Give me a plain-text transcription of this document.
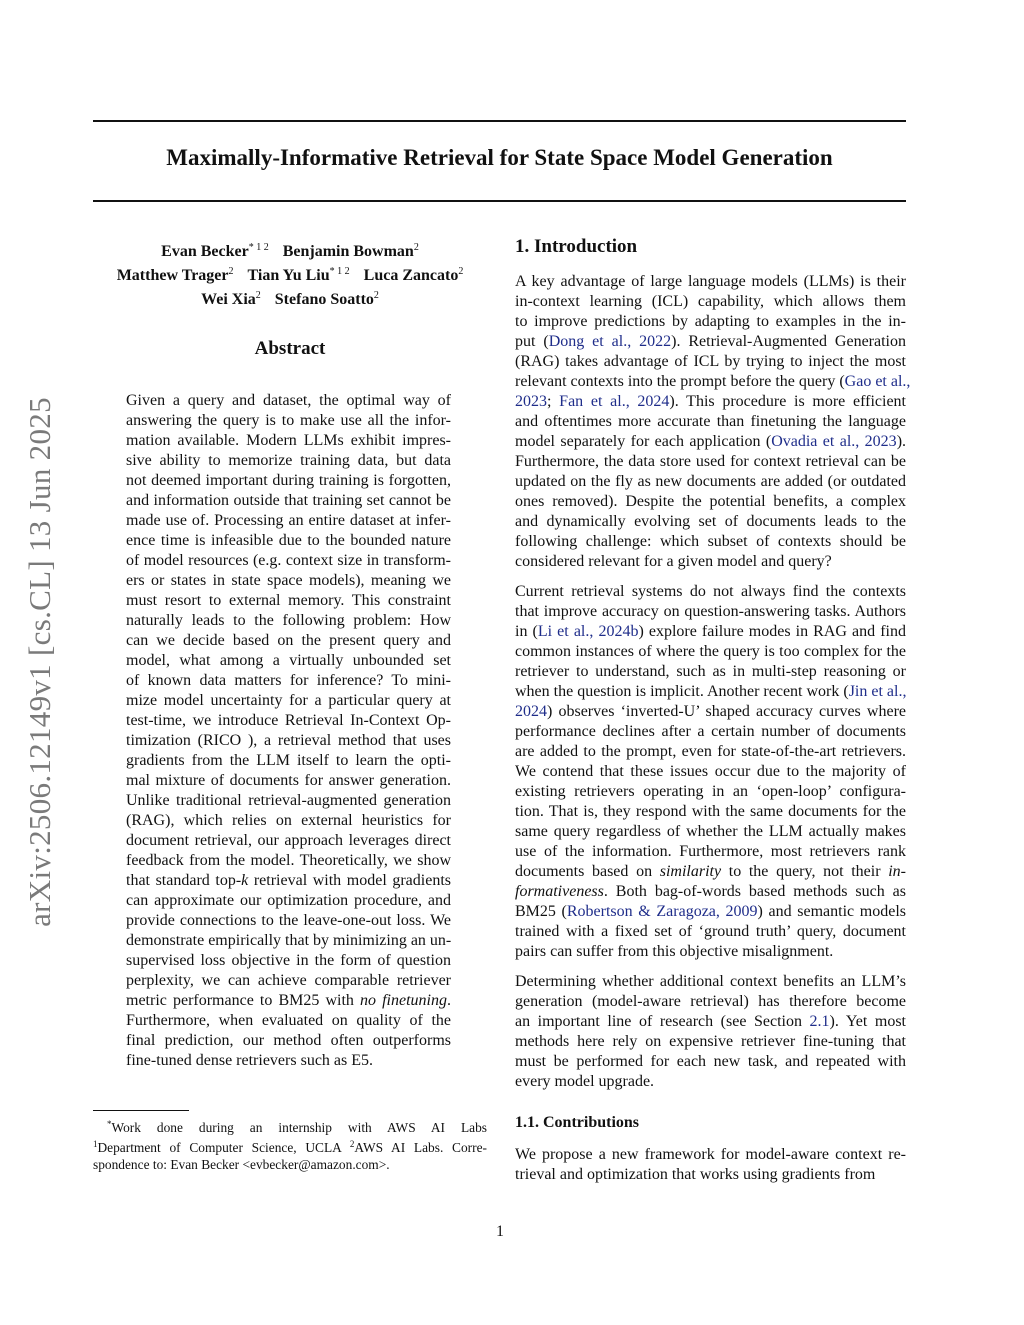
arXiv:2506.12149v1 [cs.CL] 13 Jun 2025
Maximally-Informative Retrieval for State Space Model Generation
Evan Becker$^{* 1 2}$ Benjamin Bowman$^2$
Matthew Trager$^2$ Tian Yu Liu$^{* 1 2}$ Luca Zancato$^2$
Wei Xia$^2$ Stefano Soatto$^2$
Abstract
Given a query and dataset, the optimal way of
answering the query is to make use all the infor-
mation available. Modern LLMs exhibit impres-
sive ability to memorize training data, but data
not deemed important during training is forgotten,
and information outside that training set cannot be
made use of. Processing an entire dataset at infer-
ence time is infeasible due to the bounded nature
of model resources (e.g. context size in transform-
ers or states in state space models), meaning we
must resort to external memory. This constraint
naturally leads to the following problem: How
can we decide based on the present query and
model, what among a virtually unbounded set
of known data matters for inference? To mini-
mize model uncertainty for a particular query at
test-time, we introduce Retrieval In-Context Op-
timization (RICO ), a retrieval method that uses
gradients from the LLM itself to learn the opti-
mal mixture of documents for answer generation.
Unlike traditional retrieval-augmented generation
(RAG), which relies on external heuristics for
document retrieval, our approach leverages direct
feedback from the model. Theoretically, we show
that standard top-k retrieval with model gradients
can approximate our optimization procedure, and
provide connections to the leave-one-out loss. We
demonstrate empirically that by minimizing an un-
supervised loss objective in the form of question
perplexity, we can achieve comparable retriever
metric performance to BM25 with no finetuning.
Furthermore, when evaluated on quality of the
final prediction, our method often outperforms
fine-tuned dense retrievers such as E5.
*Work done during an internship with AWS AI Labs
$^1$Department of Computer Science, UCLA $^2$AWS AI Labs. Corre-
spondence to: Evan Becker <evbecker@amazon.com>.
1. Introduction
A key advantage of large language models (LLMs) is their
in-context learning (ICL) capability, which allows them
to improve predictions by adapting to examples in the in-
put (Dong et al., 2022). Retrieval-Augmented Generation
(RAG) takes advantage of ICL by trying to inject the most
relevant contexts into the prompt before the query (Gao et al.,
2023; Fan et al., 2024). This procedure is more efficient
and oftentimes more accurate than finetuning the language
model separately for each application (Ovadia et al., 2023).
Furthermore, the data store used for context retrieval can be
updated on the fly as new documents are added (or outdated
ones removed). Despite the potential benefits, a complex
and dynamically evolving set of documents leads to the
following challenge: which subset of contexts should be
considered relevant for a given model and query?
Current retrieval systems do not always find the contexts
that improve accuracy on question-answering tasks. Authors
in (Li et al., 2024b) explore failure modes in RAG and find
common instances of where the query is too complex for the
retriever to understand, such as in multi-step reasoning or
when the question is implicit. Another recent work (Jin et al.,
2024) observes ‘inverted-U’ shaped accuracy curves where
performance declines after a certain number of documents
are added to the prompt, even for state-of-the-art retrievers.
We contend that these issues occur due to the majority of
existing retrievers operating in an ‘open-loop’ configura-
tion. That is, they respond with the same documents for the
same query regardless of whether the LLM actually makes
use of the information. Furthermore, most retrievers rank
documents based on similarity to the query, not their in-
formativeness. Both bag-of-words based methods such as
BM25 (Robertson & Zaragoza, 2009) and semantic models
trained with a fixed set of ‘ground truth’ query, document
pairs can suffer from this objective misalignment.
Determining whether additional context benefits an LLM’s
generation (model-aware retrieval) has therefore become
an important line of research (see Section 2.1). Yet most
methods here rely on expensive retriever fine-tuning that
must be performed for each new task, and repeated with
every model upgrade.
1.1. Contributions
We propose a new framework for model-aware context re-
trieval and optimization that works using gradients from
1
